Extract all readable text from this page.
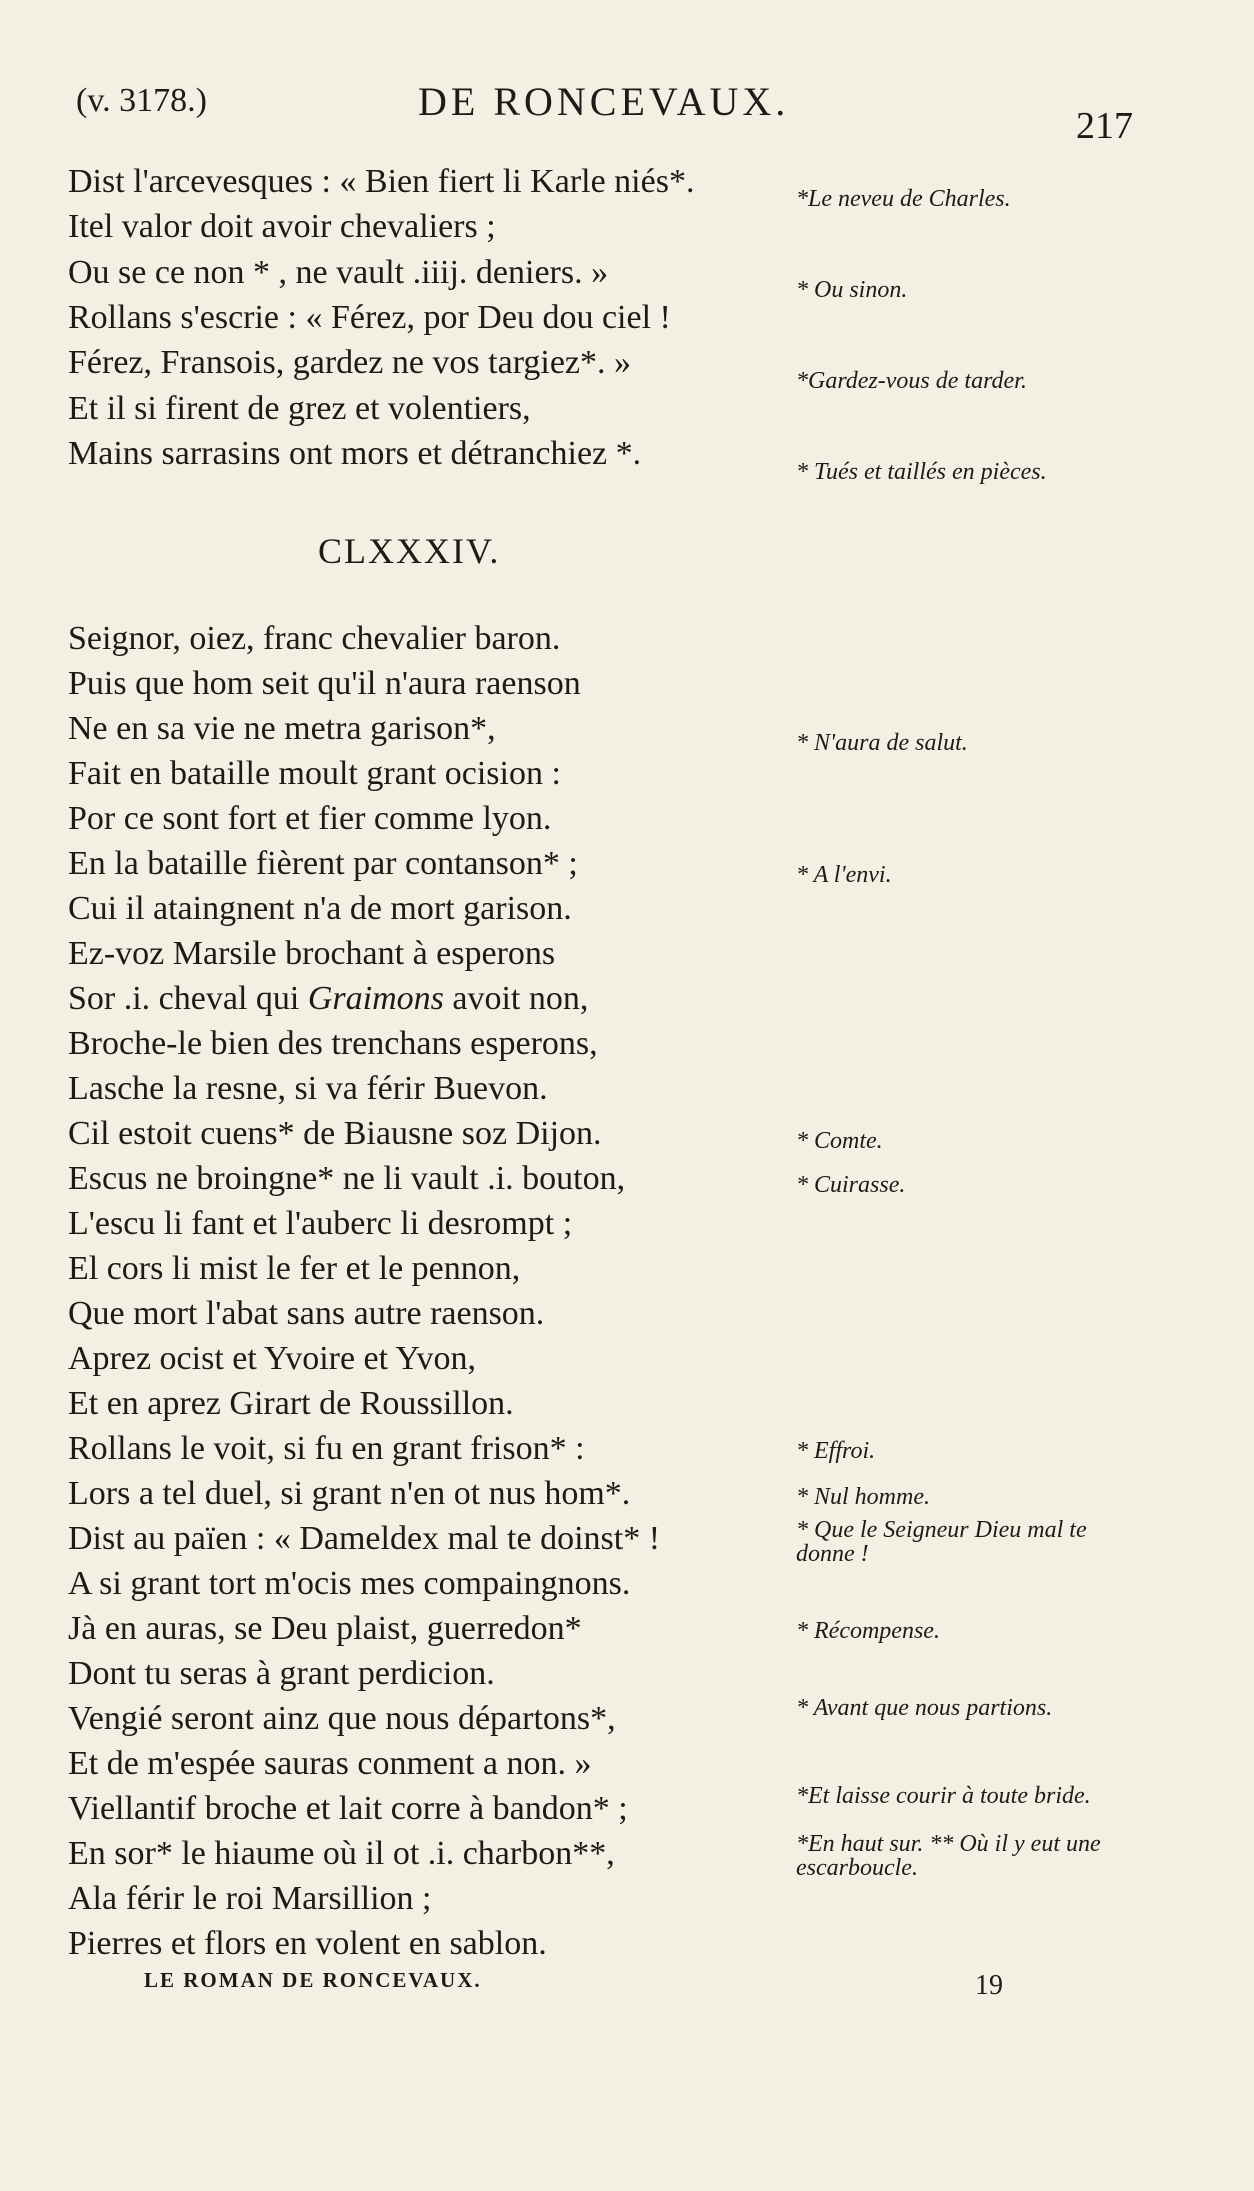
(v. 3178.)	DE RONCEVAUX.
217
Dist l'arcevesques : « Bien fiert li Karle niés*.
Itel valor doit avoir chevaliers ;
Ou se ce non * , ne vault .iiij. deniers. »
Rollans s'escrie : « Férez, por Deu dou ciel !
Férez, Fransois, gardez ne vos targiez*. »
Et il si firent de grez et volentiers,
Mains sarrasins ont mors et détranchiez *.
CLXXXIV.
Seignor, oiez, franc chevalier baron.
Puis que hom seit qu'il n'aura raenson
Ne en sa vie ne metra garison*,
Fait en bataille moult grant ocision :
Por ce sont fort et fier comme lyon.
En la bataille fièrent par contanson* ;
Cui il ataingnent n'a de mort garison.
Ez-voz Marsile brochant à esperons
Sor .i. cheval qui Graimons avoit non,
Broche-le bien des trenchans esperons,
Lasche la resne, si va férir Buevon.
Cil estoit cuens* de Biausne soz Dijon.
Escus ne broingne* ne li vault .i. bouton,
L'escu li fant et l'auberc li desrompt ;
El cors li mist le fer et le pennon,
Que mort l'abat sans autre raenson.
Aprez ocist et Yvoire et Yvon,
Et en aprez Girart de Roussillon.
Rollans le voit, si fu en grant frison* :
Lors a tel duel, si grant n'en ot nus hom*.
Dist au païen : « Dameldex mal te doinst* !
A si grant tort m'ocis mes compaingnons.
Jà en auras, se Deu plaist, guerredon*
Dont tu seras à grant perdicion.
Vengié seront ainz que nous départons*,
Et de m'espée sauras conment a non. »
Viellantif broche et lait corre à bandon* ;
En sor* le hiaume où il ot .i. charbon**,
Ala férir le roi Marsillion ;
Pierres et flors en volent en sablon.
*Le neveu de Charles.
* Ou sinon.
*Gardez-vous de tarder.
* Tués et taillés en pièces.
* N'aura de salut.
* A l'envi.
* Comte.
* Cuirasse.
* Effroi.
* Nul homme.
* Que le Seigneur Dieu mal te donne !
* Récompense.
* Avant que nous partions.
*Et laisse courir à toute bride.
*En haut sur. ** Où il y eut une escarboucle.
LE ROMAN DE RONCEVAUX.	19
